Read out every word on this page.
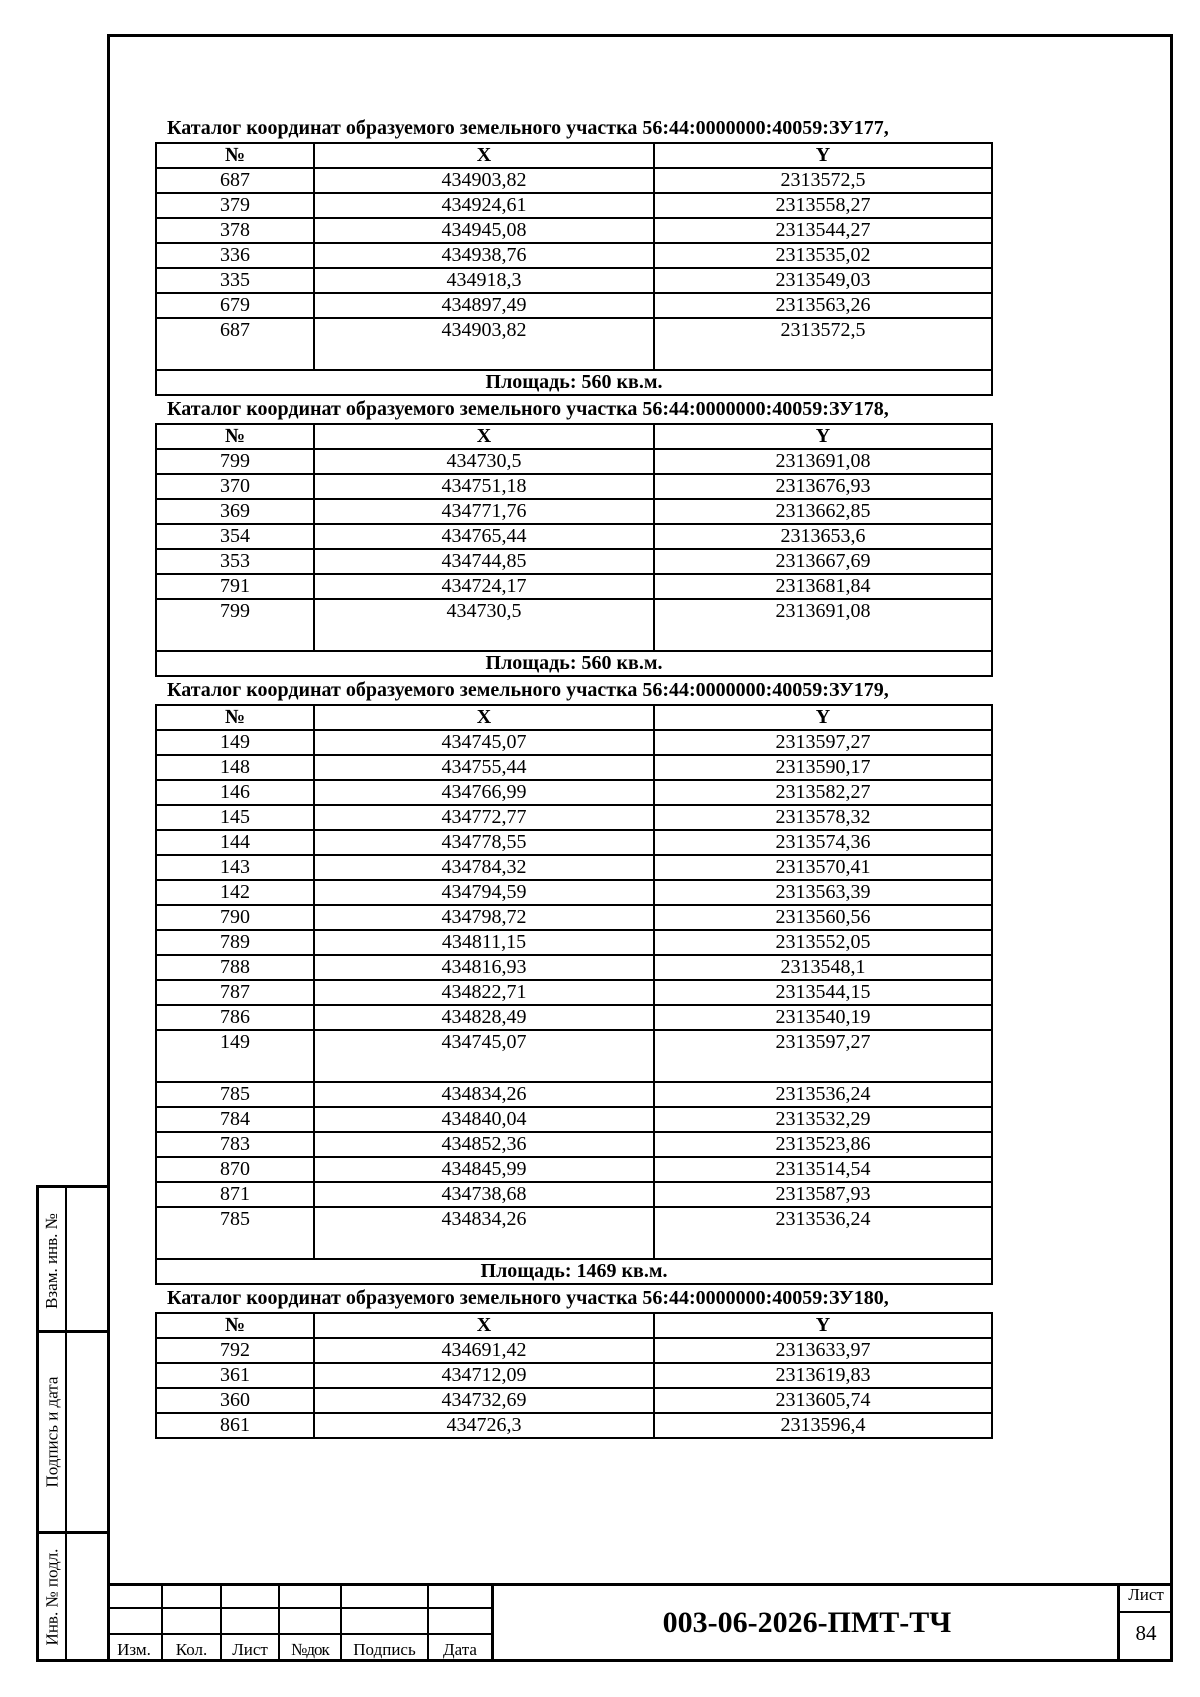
Взам. инв. №
Подпись и дата
Инв. № подл.
Каталог координат образуемого земельного участка 56:44:0000000:40059:ЗУ177,
№	X	Y
687	434903,82	2313572,5
379	434924,61	2313558,27
378	434945,08	2313544,27
336	434938,76	2313535,02
335	434918,3	2313549,03
679	434897,49	2313563,26
687	434903,82	2313572,5
Площадь: 560 кв.м.		
Каталог координат образуемого земельного участка 56:44:0000000:40059:ЗУ178,
№	X	Y
799	434730,5	2313691,08
370	434751,18	2313676,93
369	434771,76	2313662,85
354	434765,44	2313653,6
353	434744,85	2313667,69
791	434724,17	2313681,84
799	434730,5	2313691,08
Площадь: 560 кв.м.		
Каталог координат образуемого земельного участка 56:44:0000000:40059:ЗУ179,
№	X	Y
149	434745,07	2313597,27
148	434755,44	2313590,17
146	434766,99	2313582,27
145	434772,77	2313578,32
144	434778,55	2313574,36
143	434784,32	2313570,41
142	434794,59	2313563,39
790	434798,72	2313560,56
789	434811,15	2313552,05
788	434816,93	2313548,1
787	434822,71	2313544,15
786	434828,49	2313540,19
149	434745,07	2313597,27
785	434834,26	2313536,24
784	434840,04	2313532,29
783	434852,36	2313523,86
870	434845,99	2313514,54
871	434738,68	2313587,93
785	434834,26	2313536,24
Площадь: 1469 кв.м.		
Каталог координат образуемого земельного участка 56:44:0000000:40059:ЗУ180,
№	X	Y
792	434691,42	2313633,97
361	434712,09	2313619,83
360	434732,69	2313605,74
861	434726,3	2313596,4
Изм.	Кол.	Лист	№док	Подпись	Дата
003-06-2026-ПМТ-ТЧ
Лист
84
